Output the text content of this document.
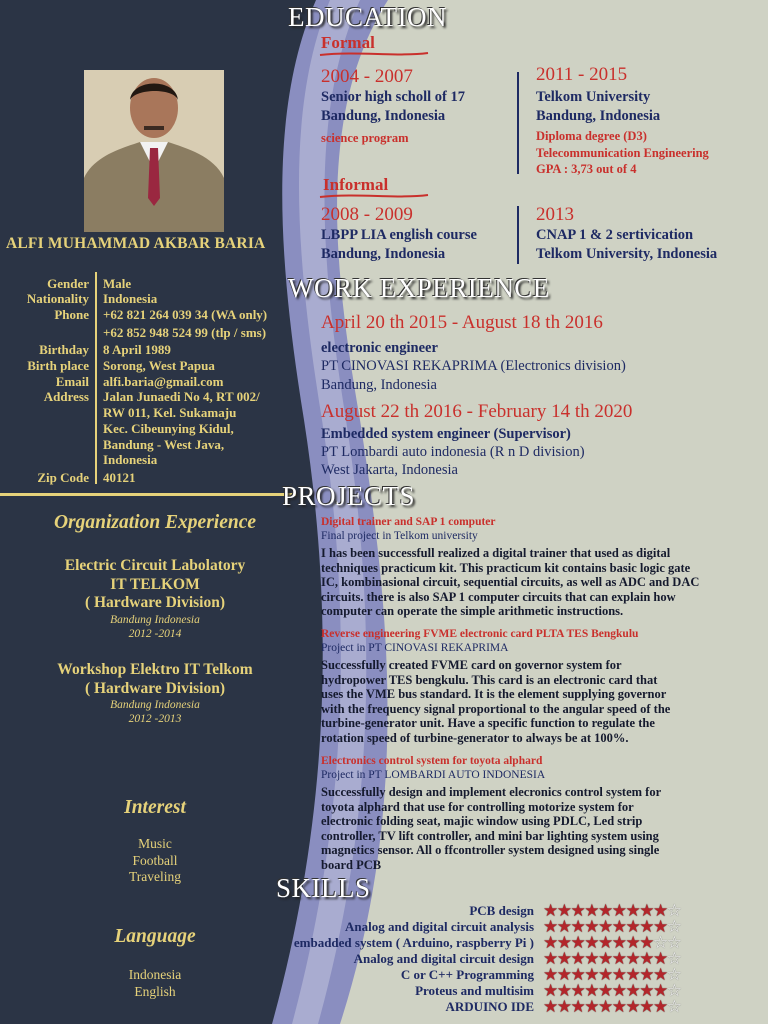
ALFI MUHAMMAD AKBAR BARIA
Gender Male
Nationality Indonesia
Phone +62 821 264 039 34 (WA only)
+62 852 948 524 99 (tlp / sms)
Birthday 8 April 1989
Birth place Sorong, West Papua
Email alfi.baria@gmail.com
Address Jalan Junaedi No 4, RT 002/
RW 011, Kel. Sukamaju
Kec. Cibeunying Kidul,
Bandung - West Java,
Indonesia
Zip Code 40121
Organization Experience
Electric Circuit Labolatory
IT TELKOM
( Hardware Division)
Bandung Indonesia
2012 -2014
Workshop Elektro IT Telkom
( Hardware Division)
Bandung Indonesia
2012 -2013
Interest
Music
Football
Traveling
Language
Indonesia
English
EDUCATION
Formal
2004 - 2007
Senior high scholl of 17
Bandung, Indonesia
science program
2011 - 2015
Telkom University
Bandung, Indonesia
Diploma degree (D3)
Telecommunication Engineering
GPA : 3,73 out of 4
Informal
2008 - 2009
LBPP LIA english course
Bandung, Indonesia
2013
CNAP 1 & 2 sertivication
Telkom University, Indonesia
WORK EXPERIENCE
April 20 th 2015 - August 18 th 2016
electronic engineer
PT CINOVASI REKAPRIMA (Electronics division)
Bandung, Indonesia
August 22 th 2016 - February 14 th 2020
Embedded system engineer (Supervisor)
PT Lombardi auto indonesia (R n D division)
West Jakarta, Indonesia
PROJECTS
Digital trainer and SAP 1 computer
Final project in Telkom university
I has been successfull realized a digital trainer that used as digital
techniques practicum kit. This practicum kit contains basic logic gate
IC, kombinasional circuit, sequential circuits, as well as ADC and DAC
circuits. there is also SAP 1 computer circuits that can explain how
computer can operate the simple arithmetic instructions.
Reverse engineering FVME electronic card PLTA TES Bengkulu
Project in PT CINOVASI REKAPRIMA
Successfully created FVME card on governor system for
hydropower TES bengkulu. This card is an electronic card that
uses the VME bus standard. It is the element supplying governor
with the frequency signal proportional to the angular speed of the
turbine-generator unit. Have a specific function to regulate the
rotation speed of turbine-generator to always be at 100%.
Electronics control system for toyota alphard
Project in PT LOMBARDI AUTO INDONESIA
Successfully design and implement elecronics control system for
toyota alphard that use for controlling motorize system for
electronic folding seat, majic window using PDLC, Led strip
controller, TV lift controller, and mini bar lighting system using
magnetics sensor. All o ffcontroller system designed using single
board PCB
SKILLS
PCB design ★★★★★★★★★☆
Analog and digital circuit analysis ★★★★★★★★★☆
embadded system ( Arduino, raspberry Pi ) ★★★★★★★★☆☆
Analog and digital circuit design ★★★★★★★★★☆
C or C++ Programming ★★★★★★★★★☆
Proteus and multisim ★★★★★★★★★☆
ARDUINO IDE ★★★★★★★★★☆
